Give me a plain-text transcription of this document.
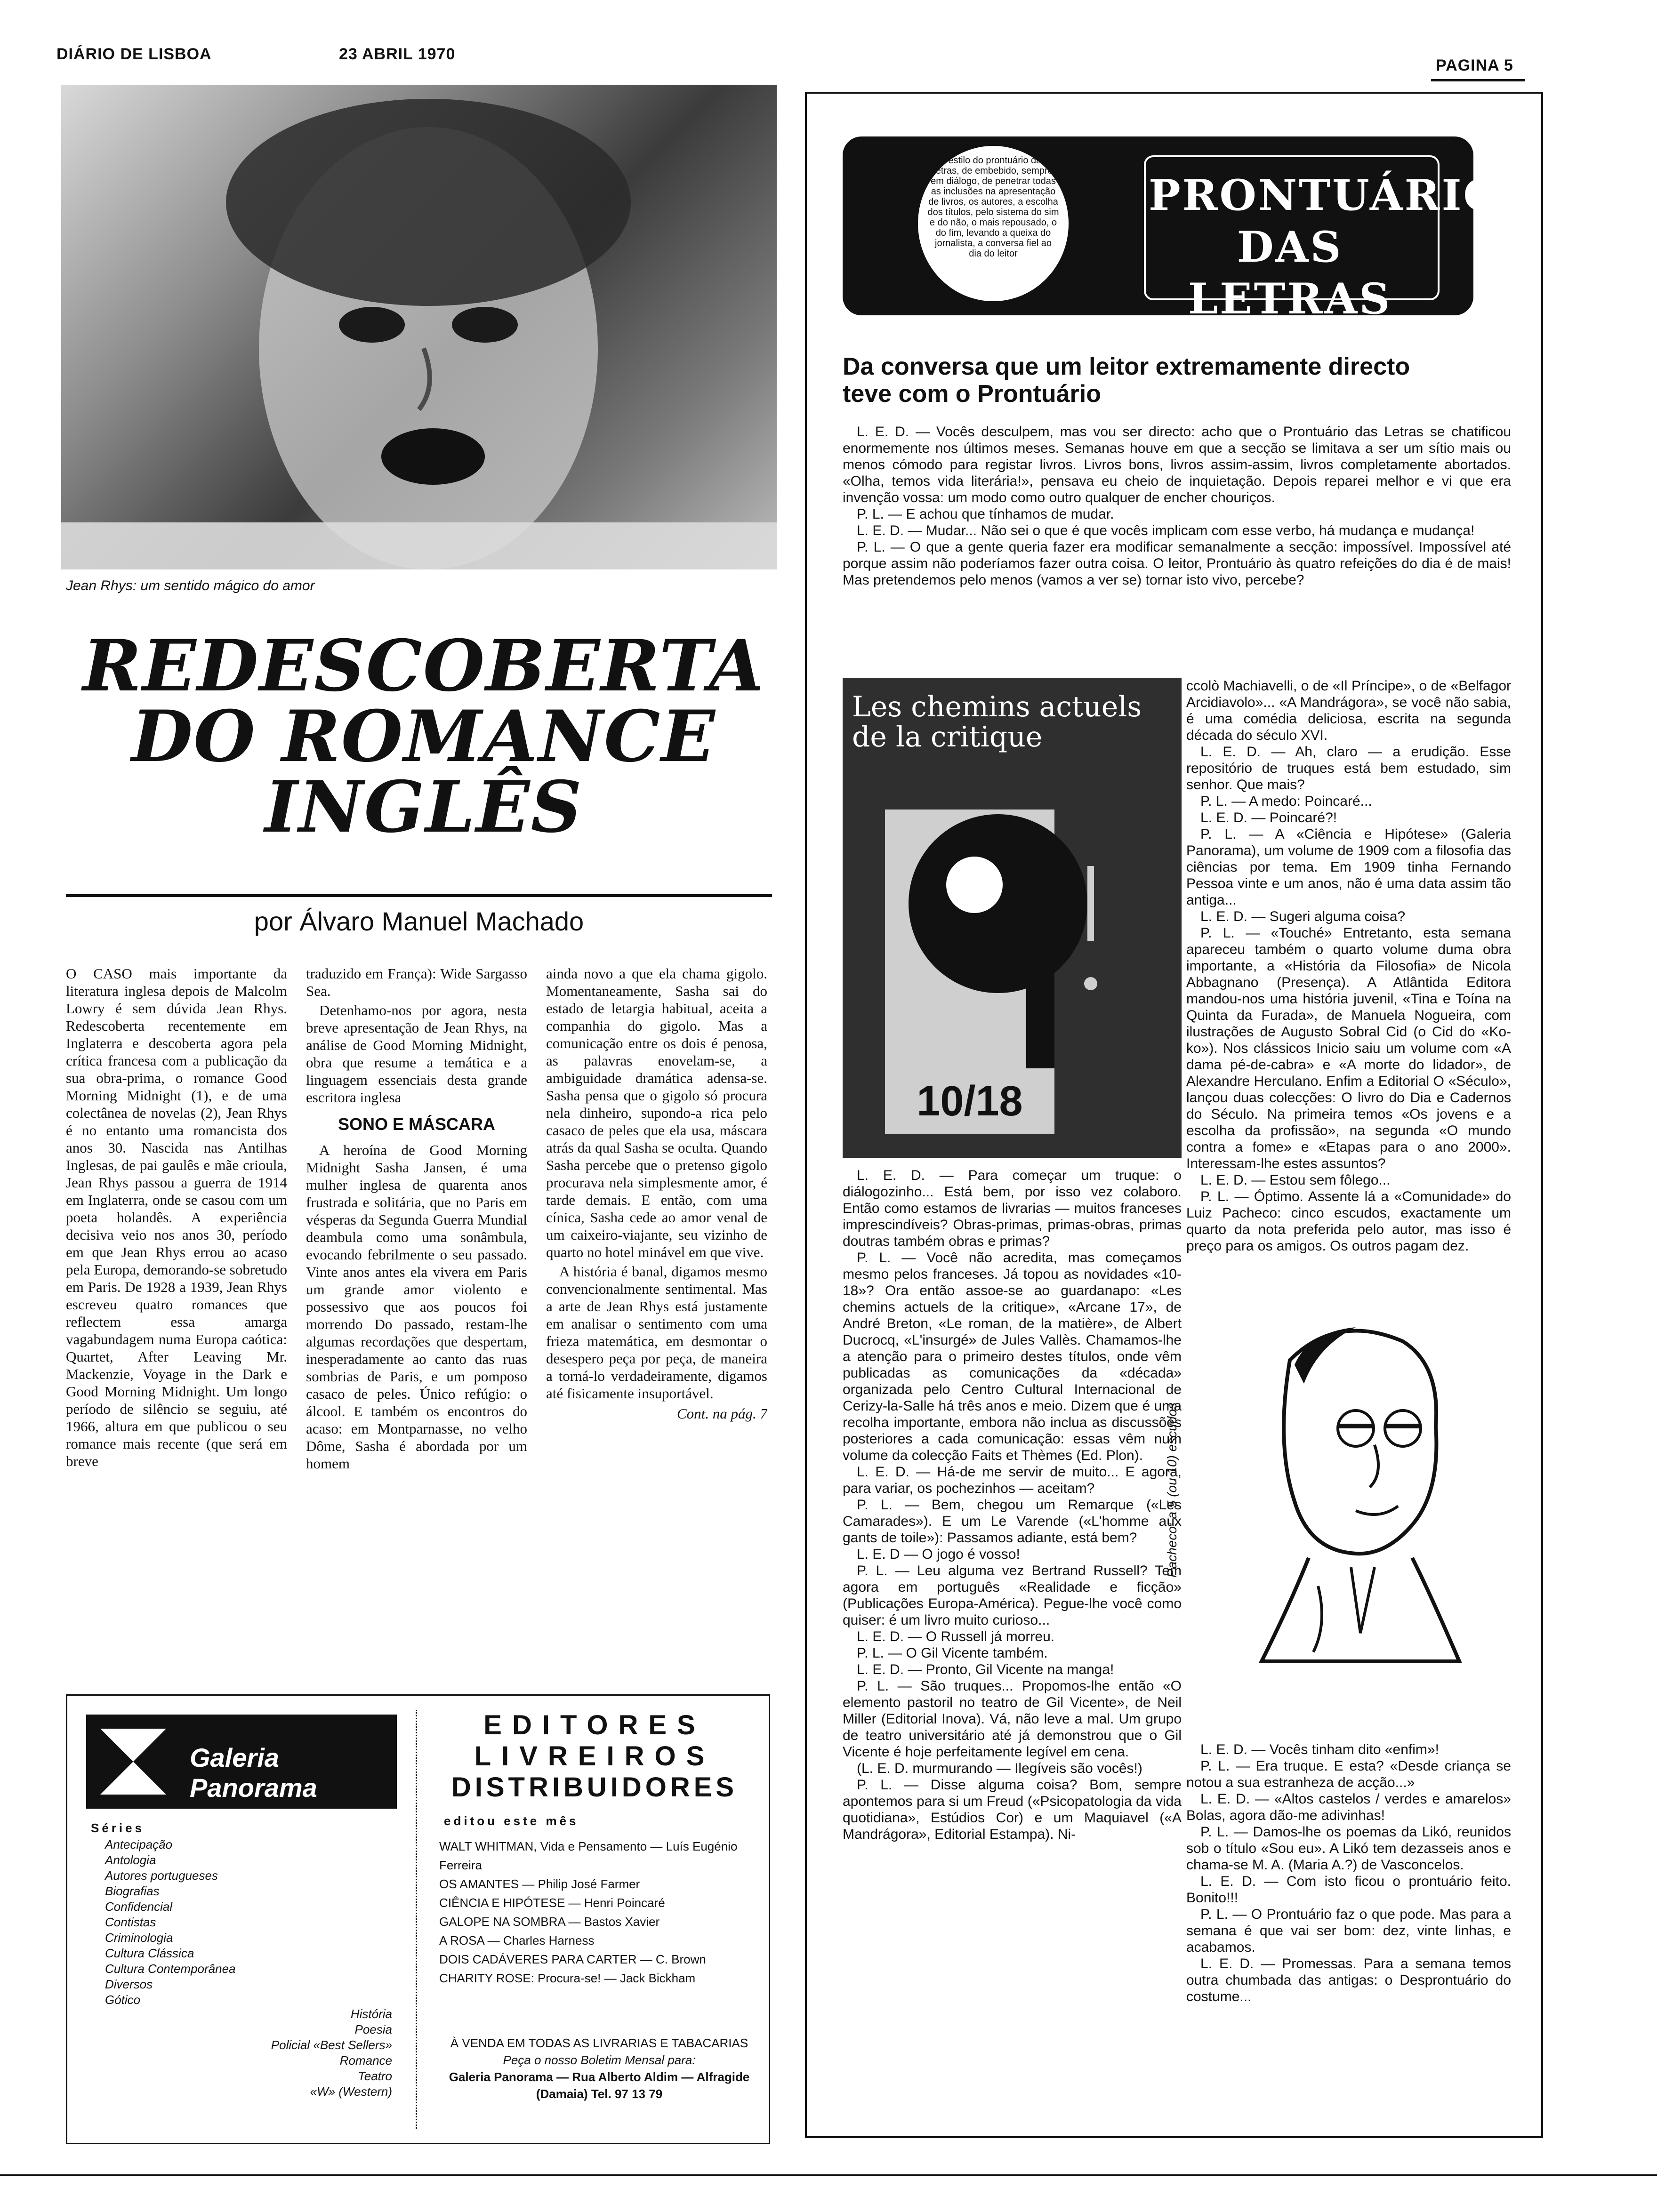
DIÁRIO DE LISBOA	23 ABRIL 1970
PAGINA 5
Jean Rhys: um sentido mágico do amor
REDESCOBERTA
DO ROMANCE
INGLÊS
por Álvaro Manuel Machado

O CASO mais importante da literatura inglesa depois de Malcolm Lowry é sem dúvida Jean Rhys. Redescoberta recentemente em Inglaterra e descoberta agora pela crítica francesa com a publicação da sua obra-prima, o romance Good Morning Midnight (1), e de uma colectânea de novelas (2), Jean Rhys é no entanto uma romancista dos anos 30. Nascida nas Antilhas Inglesas, de pai gaulês e mãe crioula, Jean Rhys passou a guerra de 1914 em Inglaterra, onde se casou com um poeta holandês. A experiência decisiva veio nos anos 30, período em que Jean Rhys errou ao acaso pela Europa, demorando-se sobretudo em Paris. De 1928 a 1939, Jean Rhys escreveu quatro romances que reflectem essa amarga vagabundagem numa Europa caótica: Quartet, After Leaving Mr. Mackenzie, Voyage in the Dark e Good Morning Midnight. Um longo período de silêncio se seguiu, até 1966, altura em que publicou o seu romance mais recente (que será em breve

traduzido em França): Wide Sargasso Sea.

Detenhamo-nos por agora, nesta breve apresentação de Jean Rhys, na análise de Good Morning Midnight, obra que resume a temática e a linguagem essenciais desta grande escritora inglesa

SONO E MÁSCARA

A heroína de Good Morning Midnight Sasha Jansen, é uma mulher inglesa de quarenta anos frustrada e solitária, que no Paris em vésperas da Segunda Guerra Mundial deambula como uma sonâmbula, evocando febrilmente o seu passado. Vinte anos antes ela vivera em Paris um grande amor violento e possessivo que aos poucos foi morrendo Do passado, restam-lhe algumas recordações que despertam, inesperadamente ao canto das ruas sombrias de Paris, e um pomposo casaco de peles. Único refúgio: o álcool. E também os encontros do acaso: em Montparnasse, no velho Dôme, Sasha é abordada por um homem

ainda novo a que ela chama gigolo. Momentaneamente, Sasha sai do estado de letargia habitual, aceita a companhia do gigolo. Mas a comunicação entre os dois é penosa, as palavras enovelam-se, a ambiguidade dramática adensa-se. Sasha pensa que o gigolo só procura nela dinheiro, supondo-a rica pelo casaco de peles que ela usa, máscara atrás da qual Sasha se oculta. Quando Sasha percebe que o pretenso gigolo procurava nela simplesmente amor, é tarde demais. E então, com uma cínica, Sasha cede ao amor venal de um caixeiro-viajante, seu vizinho de quarto no hotel minável em que vive.

A história é banal, digamos mesmo convencionalmente sentimental. Mas a arte de Jean Rhys está justamente em analisar o sentimento com uma frieza matemática, em desmontar o desespero peça por peça, de maneira a torná-lo verdadeiramente, digamos até fisicamente insuportável.

Cont. na pág. 7
Galeria Panorama
Séries
Antecipação
Antologia
Autores portugueses
Biografias
Confidencial
Contistas
Criminologia
Cultura Clássica
Cultura Contemporânea
Diversos
Gótico
História
Poesia
Policial «Best Sellers»
Romance
Teatro
«W» (Western)
EDITORES
LIVREIROS
DISTRIBUIDORES
editou este mês
WALT WHITMAN, Vida e Pensamento — Luís Eugénio Ferreira
OS AMANTES — Philip José Farmer
CIÊNCIA E HIPÓTESE — Henri Poincaré
GALOPE NA SOMBRA — Bastos Xavier
A ROSA — Charles Harness
DOIS CADÁVERES PARA CARTER — C. Brown
CHARITY ROSE: Procura-se! — Jack Bickham
À VENDA EM TODAS AS LIVRARIAS E TABACARIAS
Peça o nosso Boletim Mensal para:
Galeria Panorama — Rua Alberto Aldim — Alfragide (Damaia) Tel. 97 13 79
o estilo do prontuário das letras, de embebido, sempre em diálogo, de penetrar todas as inclusões na apresentação de livros, os autores, a escolha dos títulos, pelo sistema do sim e do não, o mais repousado, o do fim, levando a queixa do jornalista, a conversa fiel ao dia do leitor
PRONTUÁRIO
DAS LETRAS
Da conversa que um leitor extremamente directo teve com o Prontuário

L. E. D. — Vocês desculpem, mas vou ser directo: acho que o Prontuário das Letras se chatificou enormemente nos últimos meses. Semanas houve em que a secção se limitava a ser um sítio mais ou menos cómodo para registar livros. Livros bons, livros assim-assim, livros completamente abortados. «Olha, temos vida literária!», pensava eu cheio de inquietação. Depois reparei melhor e vi que era invenção vossa: um modo como outro qualquer de encher chouriços.

P. L. — E achou que tínhamos de mudar.

L. E. D. — Mudar... Não sei o que é que vocês implicam com esse verbo, há mudança e mudança!

P. L. — O que a gente queria fazer era modificar semanalmente a secção: impossível. Impossível até porque assim não poderíamos fazer outra coisa. O leitor, Prontuário às quatro refeições do dia é de mais! Mas pretendemos pelo menos (vamos a ver se) tornar isto vivo, percebe?

Les chemins actuels de la critique
10/18

L. E. D. — Para começar um truque: o diálogozinho... Está bem, por isso vez colaboro. Então como estamos de livrarias — muitos franceses imprescindíveis? Obras-primas, primas-obras, primas doutras também obras e primas?

P. L. — Você não acredita, mas começamos mesmo pelos franceses. Já topou as novidades «10-18»? Ora então assoe-se ao guardanapo: «Les chemins actuels de la critique», «Arcane 17», de André Breton, «Le roman, de la matière», de Albert Ducrocq, «L'insurgé» de Jules Vallès. Chamamos-lhe a atenção para o primeiro destes títulos, onde vêm publicadas as comunicações da «década» organizada pelo Centro Cultural Internacional de Cerizy-la-Salle há três anos e meio. Dizem que é uma recolha importante, embora não inclua as discussões posteriores a cada comunicação: essas vêm num volume da colecção Faits et Thèmes (Ed. Plon).

L. E. D. — Há-de me servir de muito... E agora, para variar, os pochezinhos — aceitam?

P. L. — Bem, chegou um Remarque («Les Camarades»). E um Le Varende («L'homme aux gants de toile»): Passamos adiante, está bem?

L. E. D — O jogo é vosso!

P. L. — Leu alguma vez Bertrand Russell? Tem agora em português «Realidade e ficção» (Publicações Europa-América). Pegue-lhe você como quiser: é um livro muito curioso...

L. E. D. — O Russell já morreu.

P. L. — O Gil Vicente também.

L. E. D. — Pronto, Gil Vicente na manga!

P. L. — São truques... Propomos-lhe então «O elemento pastoril no teatro de Gil Vicente», de Neil Miller (Editorial Inova). Vá, não leve a mal. Um grupo de teatro universitário até já demonstrou que o Gil Vicente é hoje perfeitamente legível em cena.

(L. E. D. murmurando — Ilegíveis são vocês!)

P. L. — Disse alguma coisa? Bom, sempre apontemos para si um Freud («Psicopatologia da vida quotidiana», Estúdios Cor) e um Maquiavel («A Mandrágora», Editorial Estampa). Ni-

ccolò Machiavelli, o de «Il Príncipe», o de «Belfagor Arcidiavolo»... «A Mandrágora», se você não sabia, é uma comédia deliciosa, escrita na segunda década do século XVI.

L. E. D. — Ah, claro — a erudição. Esse repositório de truques está bem estudado, sim senhor. Que mais?

P. L. — A medo: Poincaré...

L. E. D. — Poincaré?!

P. L. — A «Ciência e Hipótese» (Galeria Panorama), um volume de 1909 com a filosofia das ciências por tema. Em 1909 tinha Fernando Pessoa vinte e um anos, não é uma data assim tão antiga...

L. E. D. — Sugeri alguma coisa?

P. L. — «Touché» Entretanto, esta semana apareceu também o quarto volume duma obra importante, a «História da Filosofia» de Nicola Abbagnano (Presença). A Atlântida Editora mandou-nos uma história juvenil, «Tina e Toína na Quinta da Furada», de Manuela Nogueira, com ilustrações de Augusto Sobral Cid (o Cid do «Ko-ko»). Nos clássicos Inicio saiu um volume com «A dama pé-de-cabra» e «A morte do lidador», de Alexandre Herculano. Enfim a Editorial O «Século», lançou duas colecções: O livro do Dia e Cadernos do Século. Na primeira temos «Os jovens e a escolha da profissão», na segunda «O mundo contra a fome» e «Etapas para o ano 2000». Interessam-lhe estes assuntos?

L. E. D. — Estou sem fôlego...

P. L. — Óptimo. Assente lá a «Comunidade» do Luiz Pacheco: cinco escudos, exactamente um quarto da nota preferida pelo autor, mas isso é preço para os amigos. Os outros pagam dez.

Pacheco: a 5 (ou 10) escudos

L. E. D. — Vocês tinham dito «enfim»!

P. L. — Era truque. E esta? «Desde criança se notou a sua estranheza de acção...»

L. E. D. — «Altos castelos / verdes e amarelos» Bolas, agora dão-me adivinhas!

P. L. — Damos-lhe os poemas da Likó, reunidos sob o título «Sou eu». A Likó tem dezasseis anos e chama-se M. A. (Maria A.?) de Vasconcelos.

L. E. D. — Com isto ficou o prontuário feito. Bonito!!!

P. L. — O Prontuário faz o que pode. Mas para a semana é que vai ser bom: dez, vinte linhas, e acabamos.

L. E. D. — Promessas. Para a semana temos outra chumbada das antigas: o Desprontuário do costume...
